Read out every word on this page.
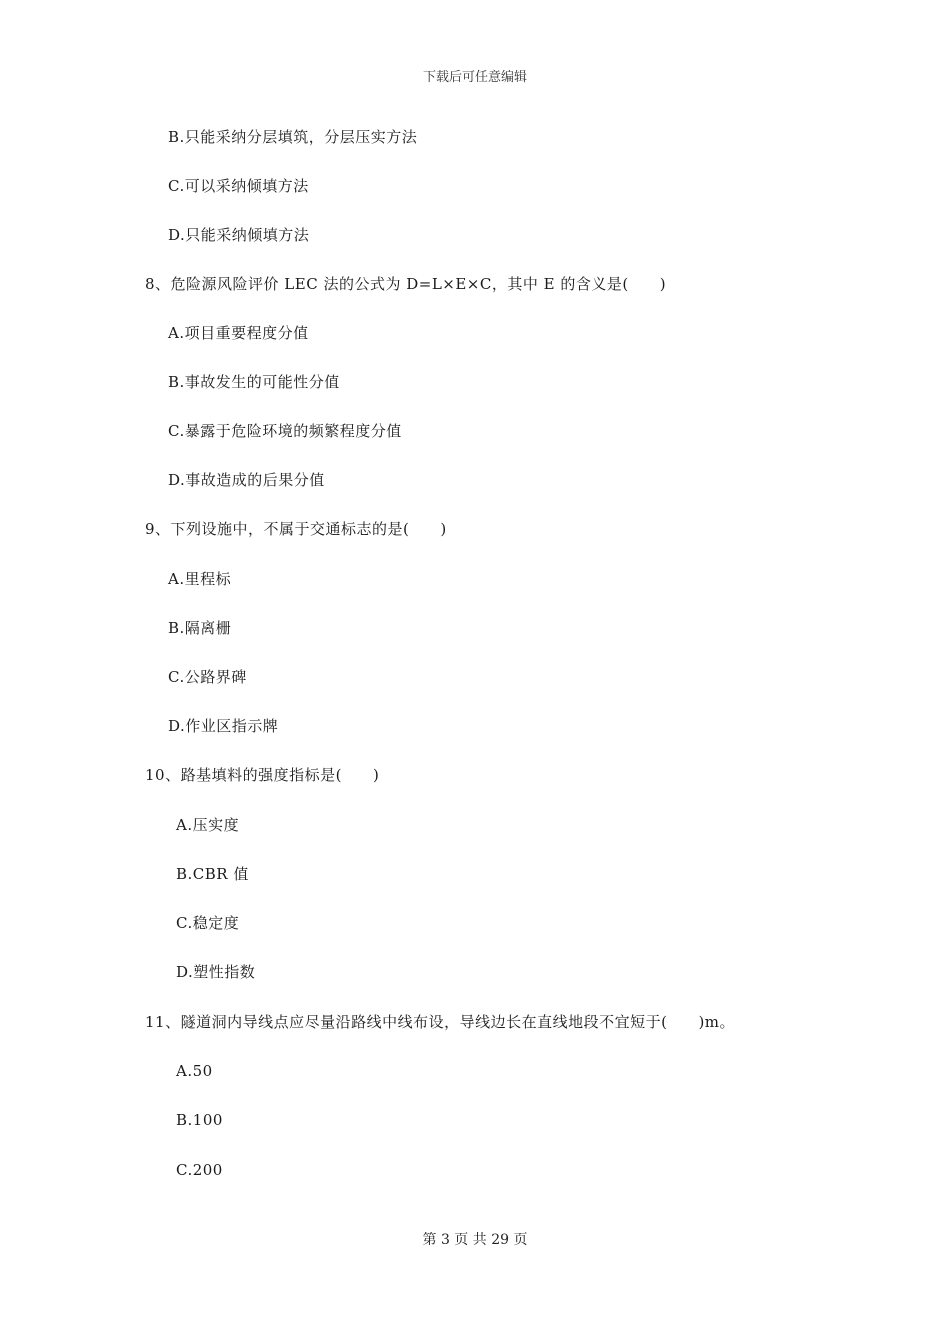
下载后可任意编辑
B.只能采纳分层填筑，分层压实方法
C.可以采纳倾填方法
D.只能采纳倾填方法
8、危险源风险评价 LEC 法的公式为 D=L×E×C，其中 E 的含义是(　　)
A.项目重要程度分值
B.事故发生的可能性分值
C.暴露于危险环境的频繁程度分值
D.事故造成的后果分值
9、下列设施中，不属于交通标志的是(　　)
A.里程标
B.隔离栅
C.公路界碑
D.作业区指示牌
10、路基填料的强度指标是(　　)
A.压实度
B.CBR 值
C.稳定度
D.塑性指数
11、隧道洞内导线点应尽量沿路线中线布设，导线边长在直线地段不宜短于(　　)m。
A.50
B.100
C.200
第 3 页 共 29 页
